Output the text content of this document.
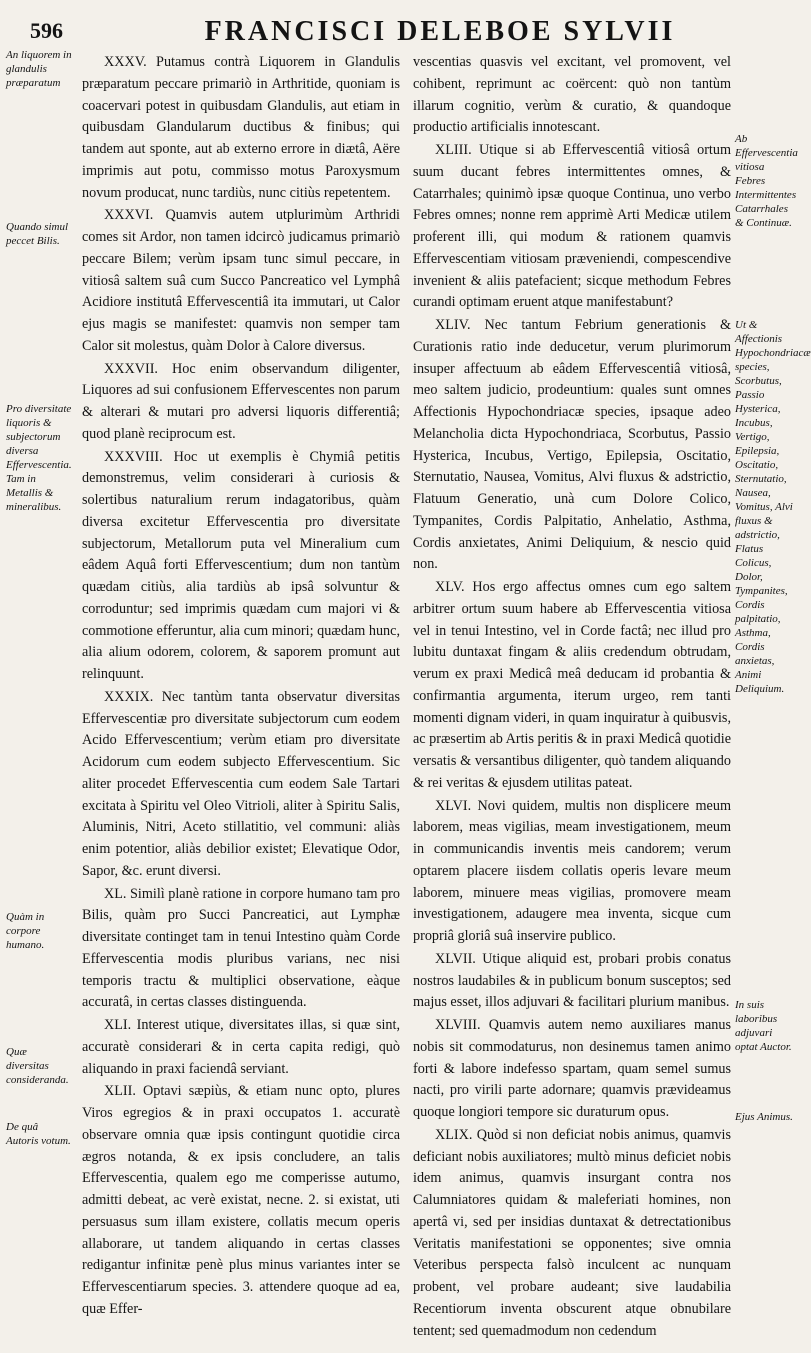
596	FRANCISCI DELEBOE SYLVII
An liquorem in glandulis præparatum
Quando simul peccet Bilis.
Pro diversitate liquoris & subjectorum diversa Effervescentia. Tam in Metallis & mineralibus.
Quàm in corpore humano.
Quæ diversitas consideranda.
De quâ Autoris votum.

XXXV. Putamus contrà Liquorem in Glandulis præparatum peccare primariò in Arthritide, quoniam is coacervari potest in quibusdam Glandulis, aut etiam in quibusdam Glandularum ductibus & finibus; qui tandem aut sponte, aut ab externo errore in diætâ, Aëre imprimis aut potu, commisso motus Paroxysmum novum producat, nunc tardiùs, nunc citiùs repetentem.

XXXVI. Quamvis autem utplurimùm Arthridi comes sit Ardor, non tamen idcircò judicamus primariò peccare Bilem; verùm ipsam tunc simul peccare, in vitiosâ saltem suâ cum Succo Pancreatico vel Lymphâ Acidiore institutâ Effervescentiâ ita immutari, ut Calor ejus magis se manifestet: quamvis non semper tam Calor sit molestus, quàm Dolor à Calore diversus.

XXXVII. Hoc enim observandum diligenter, Liquores ad sui confusionem Effervescentes non parum & alterari & mutari pro adversi liquoris differentiâ; quod planè reciprocum est.

XXXVIII. Hoc ut exemplis è Chymiâ petitis demonstremus, velim considerari à curiosis & solertibus naturalium rerum indagatoribus, quàm diversa excitetur Effervescentia pro diversitate subjectorum, Metallorum puta vel Mineralium cum eâdem Aquâ forti Effervescentium; dum non tantùm quædam citiùs, alia tardiùs ab ipsâ solvuntur & corroduntur; sed imprimis quædam cum majori vi & commotione efferuntur, alia cum minori; quædam hunc, alia alium odorem, colorem, & saporem promunt aut relinquunt.

XXXIX. Nec tantùm tanta observatur diversitas Effervescentiæ pro diversitate subjectorum cum eodem Acido Effervescentium; verùm etiam pro diversitate Acidorum cum eodem subjecto Effervescentium. Sic aliter procedet Effervescentia cum eodem Sale Tartari excitata à Spiritu vel Oleo Vitrioli, aliter à Spiritu Salis, Aluminis, Nitri, Aceto stillatitio, vel communi: aliàs enim potentior, aliàs debilior existet; Elevatique Odor, Sapor, &c. erunt diversi.

XL. Similì planè ratione in corpore humano tam pro Bilis, quàm pro Succi Pancreatici, aut Lymphæ diversitate continget tam in tenui Intestino quàm Corde Effervescentia modis pluribus varians, nec nisi temporis tractu & multiplici observatione, eàque accuratâ, in certas classes distinguenda.

XLI. Interest utique, diversitates illas, si quæ sint, accuratè considerari & in certa capita redigi, quò aliquando in praxi faciendâ serviant.

XLII. Optavi sæpiùs, & etiam nunc opto, plures Viros egregios & in praxi occupatos 1. accuratè observare omnia quæ ipsis contingunt quotidie circa ægros notanda, & ex ipsis concludere, an talis Effervescentia, qualem ego me comperisse autumo, admitti debeat, ac verè existat, necne. 2. si existat, uti persuasus sum illam existere, collatis mecum operis allaborare, ut tandem aliquando in certas classes redigantur infinitæ penè plus minus variantes inter se Effervescentiarum species. 3. attendere quoque ad ea, quæ Effer-

vescentias quasvis vel excitant, vel promovent, vel cohibent, reprimunt ac coërcent: quò non tantùm illarum cognitio, verùm & curatio, & quandoque productio artificialis innotescant.

XLIII. Utique si ab Effervescentiâ vitiosâ ortum suum ducant febres intermittentes omnes, & Catarrhales; quinimò ipsæ quoque Continua, uno verbo Febres omnes; nonne rem apprimè Arti Medicæ utilem proferent illi, qui modum & rationem quamvis Effervescentiam vitiosam præveniendi, compescendive invenient & aliis patefacient; sicque methodum Febres curandi optimam eruent atque manifestabunt?

XLIV. Nec tantum Febrium generationis & Curationis ratio inde deducetur, verum plurimorum insuper affectuum ab eâdem Effervescentiâ vitiosâ, meo saltem judicio, prodeuntium: quales sunt omnes Affectionis Hypochondriacæ species, ipsaque adeo Melancholia dicta Hypochondriaca, Scorbutus, Passio Hysterica, Incubus, Vertigo, Epilepsia, Oscitatio, Sternutatio, Nausea, Vomitus, Alvi fluxus & adstrictio, Flatuum Generatio, unà cum Dolore Colico, Tympanites, Cordis Palpitatio, Anhelatio, Asthma, Cordis anxietates, Animi Deliquium, & nescio quid non.

XLV. Hos ergo affectus omnes cum ego saltem arbitrer ortum suum habere ab Effervescentia vitiosa vel in tenui Intestino, vel in Corde factâ; nec illud pro lubitu duntaxat fingam & aliis credendum obtrudam, verum ex praxi Medicâ meâ deducam id probantia & confirmantia argumenta, iterum urgeo, rem tanti momenti dignam videri, in quam inquiratur à quibusvis, ac præsertim ab Artis peritis & in praxi Medicâ quotidie versatis & versantibus diligenter, quò tandem aliquando & rei veritas & ejusdem utilitas pateat.

XLVI. Novi quidem, multis non displicere meum laborem, meas vigilias, meam investigationem, meum in communicandis inventis meis candorem; verum optarem placere iisdem collatis operis levare meum laborem, minuere meas vigilias, promovere meam investigationem, adaugere mea inventa, sicque cum propriâ gloriâ suâ inservire publico.

XLVII. Utique aliquid est, probari probis conatus nostros laudabiles & in publicum bonum susceptos; sed majus esset, illos adjuvari & facilitari plurium manibus.

XLVIII. Quamvis autem nemo auxiliares manus nobis sit commodaturus, non desinemus tamen animo forti & labore indefesso spartam, quam semel sumus nacti, pro virili parte adornare; quamvis prævideamus quoque longiori tempore sic duraturum opus.

XLIX. Quòd si non deficiat nobis animus, quamvis deficiant nobis auxiliatores; multò minus deficiet nobis idem animus, quamvis insurgant contra nos Calumniatores quidam & maleferiati homines, non apertâ vi, sed per insidias duntaxat & detrectationibus Veritatis manifestationi se opponentes; sive omnia Veteribus perspecta falsò inculcent ac nunquam probent, vel probare audeant; sive laudabilia Recentiorum inventa obscurent atque obnubilare tentent; sed quemadmodum non cedendum

Ab Effervescentia vitiosa Febres Intermittentes Catarrhales & Continuæ.
Ut & Affectionis Hypochondriacæ species, Scorbutus, Passio Hysterica, Incubus, Vertigo, Epilepsia, Oscitatio, Sternutatio, Nausea, Vomitus, Alvi fluxus & adstrictio, Flatus Colicus, Dolor, Tympanites, Cordis palpitatio, Asthma, Cordis anxietas, Animi Deliquium.
In suis laboribus adjuvari optat Auctor.
Ejus Animus.
